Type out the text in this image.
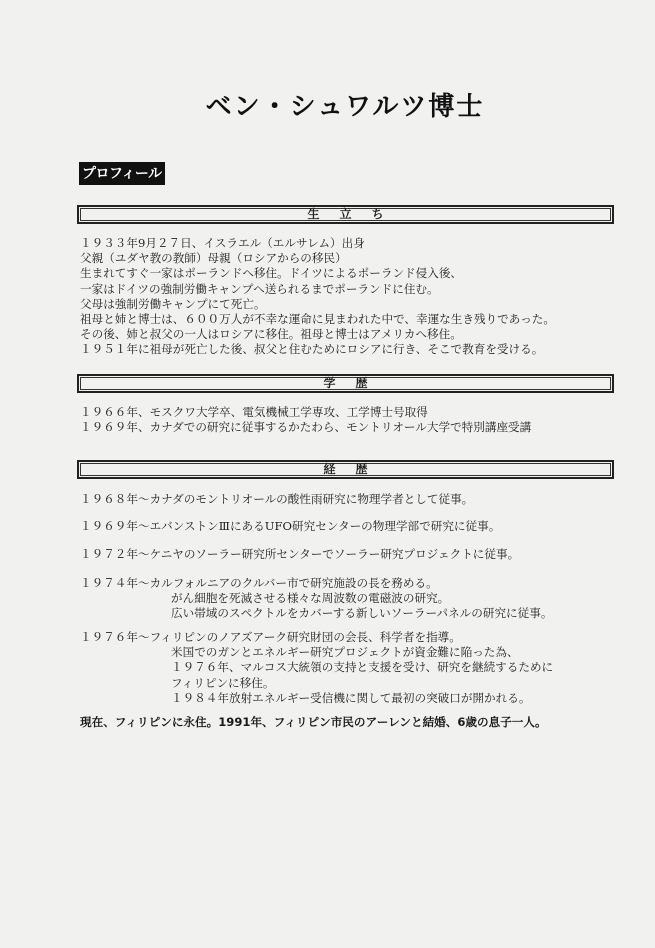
ベン・シュワルツ博士
プロフィール
生立ち
１９３３年9月２７日、イスラエル（エルサレム）出身
父親（ユダヤ教の教師）母親（ロシアからの移民）
生まれてすぐ一家はポーランドへ移住。ドイツによるポーランド侵入後、
一家はドイツの強制労働キャンプへ送られるまでポーランドに住む。
父母は強制労働キャンプにて死亡。
祖母と姉と博士は、６００万人が不幸な運命に見まわれた中で、幸運な生き残りであった。
その後、姉と叔父の一人はロシアに移住。祖母と博士はアメリカへ移住。
１９５１年に祖母が死亡した後、叔父と住むためにロシアに行き、そこで教育を受ける。
学歴
１９６６年、モスクワ大学卒、電気機械工学専攻、工学博士号取得
１９６９年、カナダでの研究に従事するかたわら、モントリオール大学で特別講座受講
経歴
１９６８年〜カナダのモントリオールの酸性雨研究に物理学者として従事。
１９６９年〜エバンストンⅢにあるUFO研究センターの物理学部で研究に従事。
１９７２年〜ケニヤのソーラー研究所センターでソーラー研究プロジェクトに従事。
１９７４年〜カルフォルニアのクルバー市で研究施設の長を務める。
がん細胞を死滅させる様々な周波数の電磁波の研究。
広い帯域のスペクトルをカバーする新しいソーラーパネルの研究に従事。
１９７６年〜フィリピンのノアズアーク研究財団の会長、科学者を指導。
米国でのガンとエネルギー研究プロジェクトが資金難に陥った為、
１９７６年、マルコス大統領の支持と支援を受け、研究を継続するために
フィリピンに移住。
１９８４年放射エネルギー受信機に関して最初の突破口が開かれる。
現在、フィリピンに永住。1991年、フィリピン市民のアーレンと結婚、6歳の息子一人。
